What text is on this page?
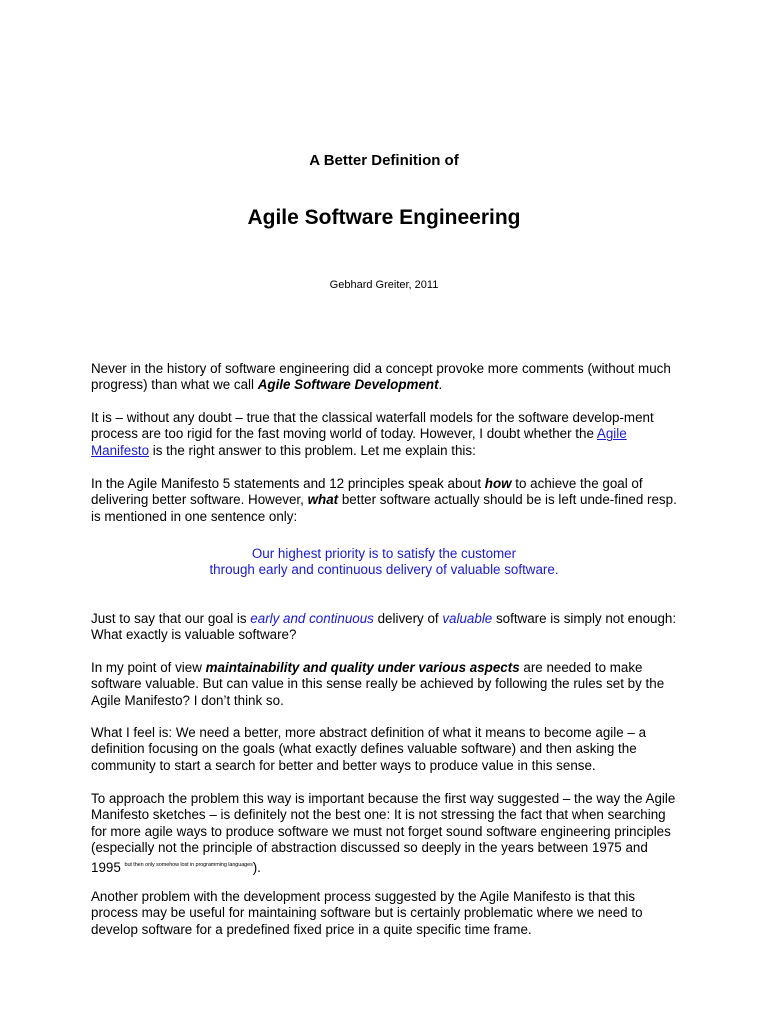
A Better Definition of
Agile Software Engineering
Gebhard Greiter, 2011

Never in the history of software engineering did a concept provoke more comments (without much progress) than what we call Agile Software Development.

It is – without any doubt – true that the classical waterfall models for the software develop-ment process are too rigid for the fast moving world of today. However, I doubt whether the Agile Manifesto is the right answer to this problem. Let me explain this:

In the Agile Manifesto 5 statements and 12 principles speak about how to achieve the goal of delivering better software. However, what better software actually should be is left unde-fined resp. is mentioned in one sentence only:

Our highest priority is to satisfy the customer
through early and continuous delivery of valuable software.

Just to say that our goal is early and continuous delivery of valuable software is simply not enough: What exactly is valuable software?

In my point of view maintainability and quality under various aspects are needed to make software valuable. But can value in this sense really be achieved by following the rules set by the Agile Manifesto? I don’t think so.

What I feel is: We need a better, more abstract definition of what it means to become agile – a definition focusing on the goals (what exactly defines valuable software) and then asking the community to start a search for better and better ways to produce value in this sense.

To approach the problem this way is important because the first way suggested – the way the Agile Manifesto sketches – is definitely not the best one: It is not stressing the fact that when searching for more agile ways to produce software we must not forget sound software engineering principles (especially not the principle of abstraction discussed so deeply in the years between 1975 and 1995 $^{but then only somehow lost in programming languages}$).

Another problem with the development process suggested by the Agile Manifesto is that this process may be useful for maintaining software but is certainly problematic where we need to develop software for a predefined fixed price in a quite specific time frame.
